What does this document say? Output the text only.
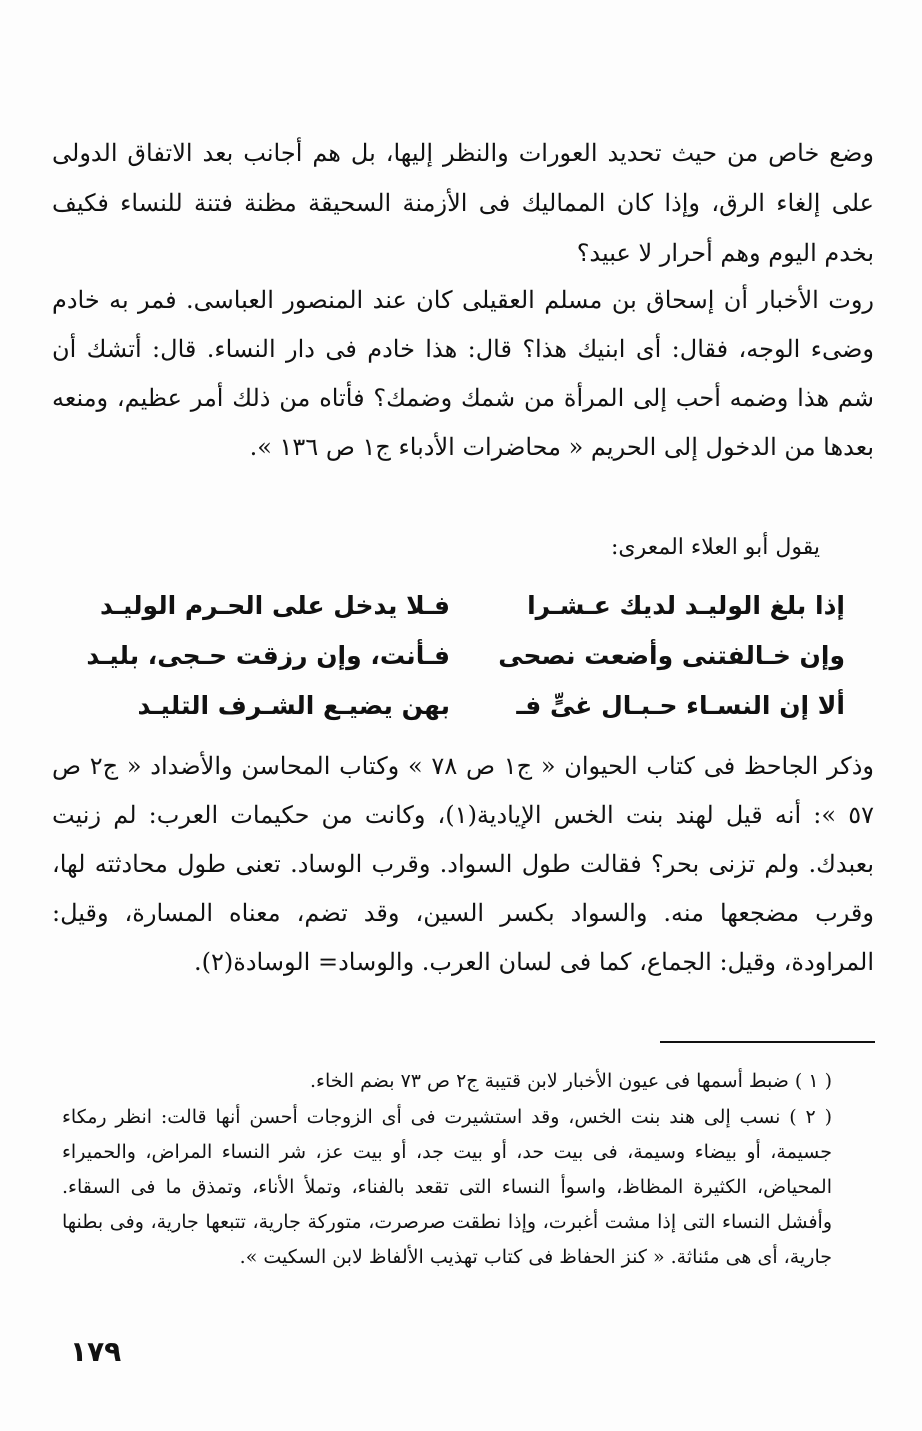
وضع خاص من حيث تحديد العورات والنظر إليها، بل هم أجانب بعد الاتفاق الدولى على إلغاء الرق، وإذا كان المماليك فى الأزمنة السحيقة مظنة فتنة للنساء فكيف بخدم اليوم وهم أحرار لا عبيد؟
روت الأخبار أن إسحاق بن مسلم العقيلى كان عند المنصور العباسى. فمر به خادم وضىء الوجه، فقال: أى ابنيك هذا؟ قال: هذا خادم فى دار النساء. قال: أتشك أن شم هذا وضمه أحب إلى المرأة من شمك وضمك؟ فأتاه من ذلك أمر عظيم، ومنعه بعدها من الدخول إلى الحريم « محاضرات الأدباء ج١ ص ١٣٦ ».
يقول أبو العلاء المعرى:
إذا بلغ الوليـد لديك عـشـرا
فـلا يدخل على الحـرم الوليـد
وإن خـالفتنى وأضعت نصحى
فـأنت، وإن رزقت حـجى، بليـد
ألا إن النسـاء حـبـال غىٍّ فـ
بهن يضيـع الشـرف التليـد
وذكر الجاحظ فى كتاب الحيوان « ج١ ص ٧٨ » وكتاب المحاسن والأضداد « ج٢ ص ٥٧ »: أنه قيل لهند بنت الخس الإيادية(١)، وكانت من حكيمات العرب: لم زنيت بعبدك. ولم تزنى بحر؟ فقالت طول السواد. وقرب الوساد. تعنى طول محادثته لها، وقرب مضجعها منه. والسواد بكسر السين، وقد تضم، معناه المسارة، وقيل: المراودة، وقيل: الجماع، كما فى لسان العرب. والوساد= الوسادة(٢).
( ١ ) ضبط أسمها فى عيون الأخبار لابن قتيبة ج٢ ص ٧٣ بضم الخاء.
( ٢ ) نسب إلى هند بنت الخس، وقد استشيرت فى أى الزوجات أحسن أنها قالت: انظر رمكاء جسيمة، أو بيضاء وسيمة، فى بيت حد، أو بيت جد، أو بيت عز، شر النساء المراض، والحميراء المحياض، الكثيرة المظاظ، واسوأ النساء التى تقعد بالفناء، وتملأ الأناء، وتمذق ما فى السقاء. وأفشل النساء التى إذا مشت أغبرت، وإذا نطقت صرصرت، متوركة جارية، تتبعها جارية، وفى بطنها جارية، أى هى مئناثة. « كنز الحفاظ فى كتاب تهذيب الألفاظ لابن السكيت ».
١٧٩
